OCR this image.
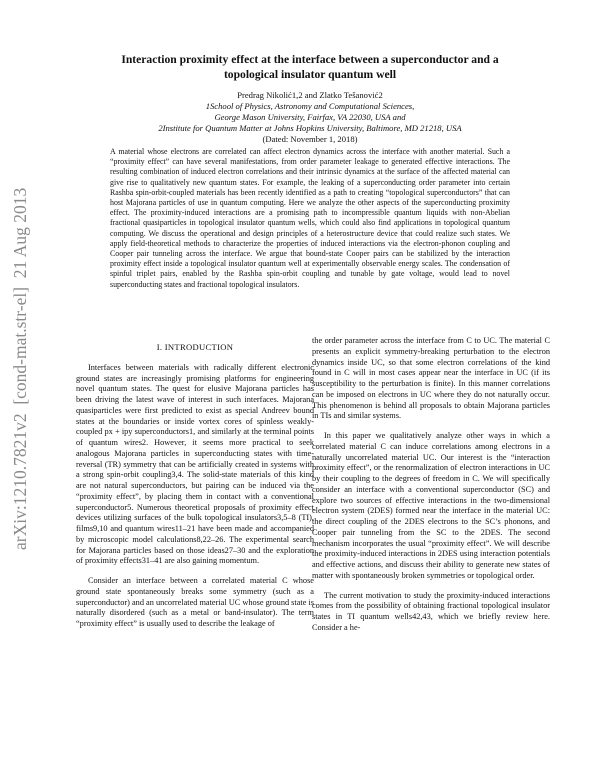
arXiv:1210.7821v2  [cond-mat.str-el]  21 Aug 2013
Interaction proximity effect at the interface between a superconductor and a
topological insulator quantum well
Predrag Nikolić1,2 and Zlatko Tešanović2
1School of Physics, Astronomy and Computational Sciences,
George Mason University, Fairfax, VA 22030, USA and
2Institute for Quantum Matter at Johns Hopkins University, Baltimore, MD 21218, USA
(Dated: November 1, 2018)
A material whose electrons are correlated can affect electron dynamics across the interface with another material. Such a “proximity effect” can have several manifestations, from order parameter leakage to generated effective interactions. The resulting combination of induced electron correlations and their intrinsic dynamics at the surface of the affected material can give rise to qualitatively new quantum states. For example, the leaking of a superconducting order parameter into certain Rashba spin-orbit-coupled materials has been recently identified as a path to creating “topological superconductors” that can host Majorana particles of use in quantum computing. Here we analyze the other aspects of the superconducting proximity effect. The proximity-induced interactions are a promising path to incompressible quantum liquids with non-Abelian fractional quasiparticles in topological insulator quantum wells, which could also find applications in topological quantum computing. We discuss the operational and design principles of a heterostructure device that could realize such states. We apply field-theoretical methods to characterize the properties of induced interactions via the electron-phonon coupling and Cooper pair tunneling across the interface. We argue that bound-state Cooper pairs can be stabilized by the interaction proximity effect inside a topological insulator quantum well at experimentally observable energy scales. The condensation of spinful triplet pairs, enabled by the Rashba spin-orbit coupling and tunable by gate voltage, would lead to novel superconducting states and fractional topological insulators.
I. INTRODUCTION

Interfaces between materials with radically different electronic ground states are increasingly promising platforms for engineering novel quantum states. The quest for elusive Majorana particles has been driving the latest wave of interest in such interfaces. Majorana quasiparticles were first predicted to exist as special Andreev bound states at the boundaries or inside vortex cores of spinless weakly-coupled px + ipy superconductors1, and similarly at the terminal points of quantum wires2. However, it seems more practical to seek analogous Majorana particles in superconducting states with time-reversal (TR) symmetry that can be artificially created in systems with a strong spin-orbit coupling3,4. The solid-state materials of this kind are not natural superconductors, but pairing can be induced via the “proximity effect”, by placing them in contact with a conventional superconductor5. Numerous theoretical proposals of proximity effect devices utilizing surfaces of the bulk topological insulators3,5–8 (TI), films9,10 and quantum wires11–21 have been made and accompanied by microscopic model calculations8,22–26. The experimental search for Majorana particles based on those ideas27–30 and the exploration of proximity effects31–41 are also gaining momentum.

Consider an interface between a correlated material C whose ground state spontaneously breaks some symmetry (such as a superconductor) and an uncorrelated material UC whose ground state is naturally disordered (such as a metal or band-insulator). The term “proximity effect” is usually used to describe the leakage of

the order parameter across the interface from C to UC. The material C presents an explicit symmetry-breaking perturbation to the electron dynamics inside UC, so that some electron correlations of the kind found in C will in most cases appear near the interface in UC (if its susceptibility to the perturbation is finite). In this manner correlations can be imposed on electrons in UC where they do not naturally occur. This phenomenon is behind all proposals to obtain Majorana particles in TIs and similar systems.

In this paper we qualitatively analyze other ways in which a correlated material C can induce correlations among electrons in a naturally uncorrelated material UC. Our interest is the “interaction proximity effect”, or the renormalization of electron interactions in UC by their coupling to the degrees of freedom in C. We will specifically consider an interface with a conventional superconductor (SC) and explore two sources of effective interactions in the two-dimensional electron system (2DES) formed near the interface in the material UC: the direct coupling of the 2DES electrons to the SC’s phonons, and Cooper pair tunneling from the SC to the 2DES. The second mechanism incorporates the usual “proximity effect”. We will describe the proximity-induced interactions in 2DES using interaction potentials and effective actions, and discuss their ability to generate new states of matter with spontaneously broken symmetries or topological order.

The current motivation to study the proximity-induced interactions comes from the possibility of obtaining fractional topological insulator states in TI quantum wells42,43, which we briefly review here. Consider a he-
